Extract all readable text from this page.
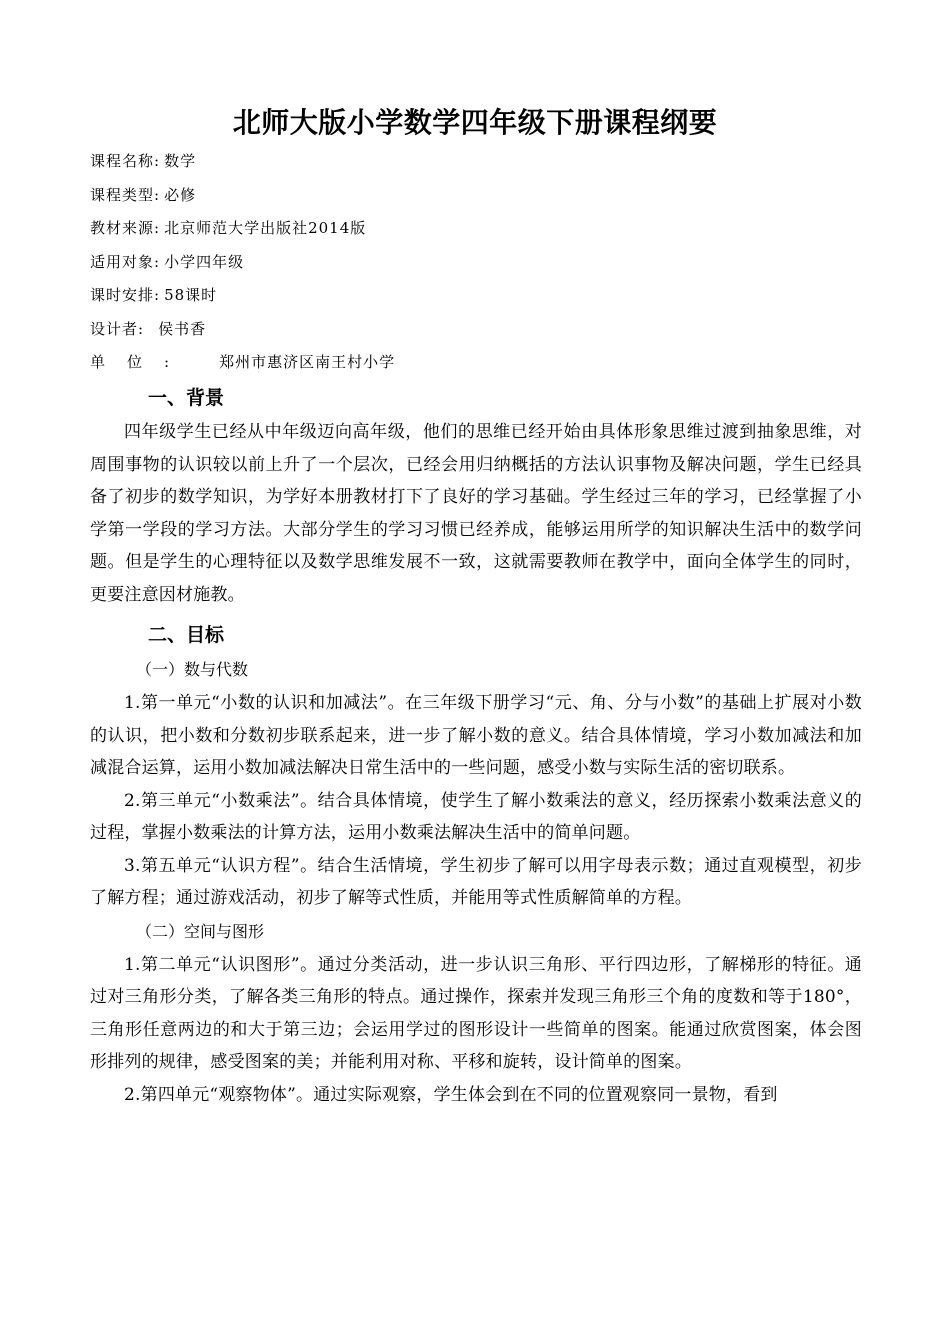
北师大版小学数学四年级下册课程纲要
课程名称: 数学
课程类型: 必修
教材来源: 北京师范大学出版社2014版
适用对象: 小学四年级
课时安排: 58课时
设计者: 侯书香
单位: 郑州市惠济区南王村小学
一、背景

四年级学生已经从中年级迈向高年级，他们的思维已经开始由具体形象思维过渡到抽象思维，对周围事物的认识较以前上升了一个层次，已经会用归纳概括的方法认识事物及解决问题，学生已经具备了初步的数学知识，为学好本册教材打下了良好的学习基础。学生经过三年的学习，已经掌握了小学第一学段的学习方法。大部分学生的学习习惯已经养成，能够运用所学的知识解决生活中的数学问题。但是学生的心理特征以及数学思维发展不一致，这就需要教师在教学中，面向全体学生的同时，更要注意因材施教。

二、目标
（一）数与代数

1.第一单元“小数的认识和加减法”。在三年级下册学习“元、角、分与小数”的基础上扩展对小数的认识，把小数和分数初步联系起来，进一步了解小数的意义。结合具体情境，学习小数加减法和加减混合运算，运用小数加减法解决日常生活中的一些问题，感受小数与实际生活的密切联系。

2.第三单元“小数乘法”。结合具体情境，使学生了解小数乘法的意义，经历探索小数乘法意义的过程，掌握小数乘法的计算方法，运用小数乘法解决生活中的简单问题。

3.第五单元“认识方程”。结合生活情境，学生初步了解可以用字母表示数；通过直观模型，初步了解方程；通过游戏活动，初步了解等式性质，并能用等式性质解简单的方程。

（二）空间与图形

1.第二单元“认识图形”。通过分类活动，进一步认识三角形、平行四边形，了解梯形的特征。通过对三角形分类，了解各类三角形的特点。通过操作，探索并发现三角形三个角的度数和等于180°，三角形任意两边的和大于第三边；会运用学过的图形设计一些简单的图案。能通过欣赏图案，体会图形排列的规律，感受图案的美；并能利用对称、平移和旋转，设计简单的图案。

2.第四单元“观察物体”。通过实际观察，学生体会到在不同的位置观察同一景物，看到
